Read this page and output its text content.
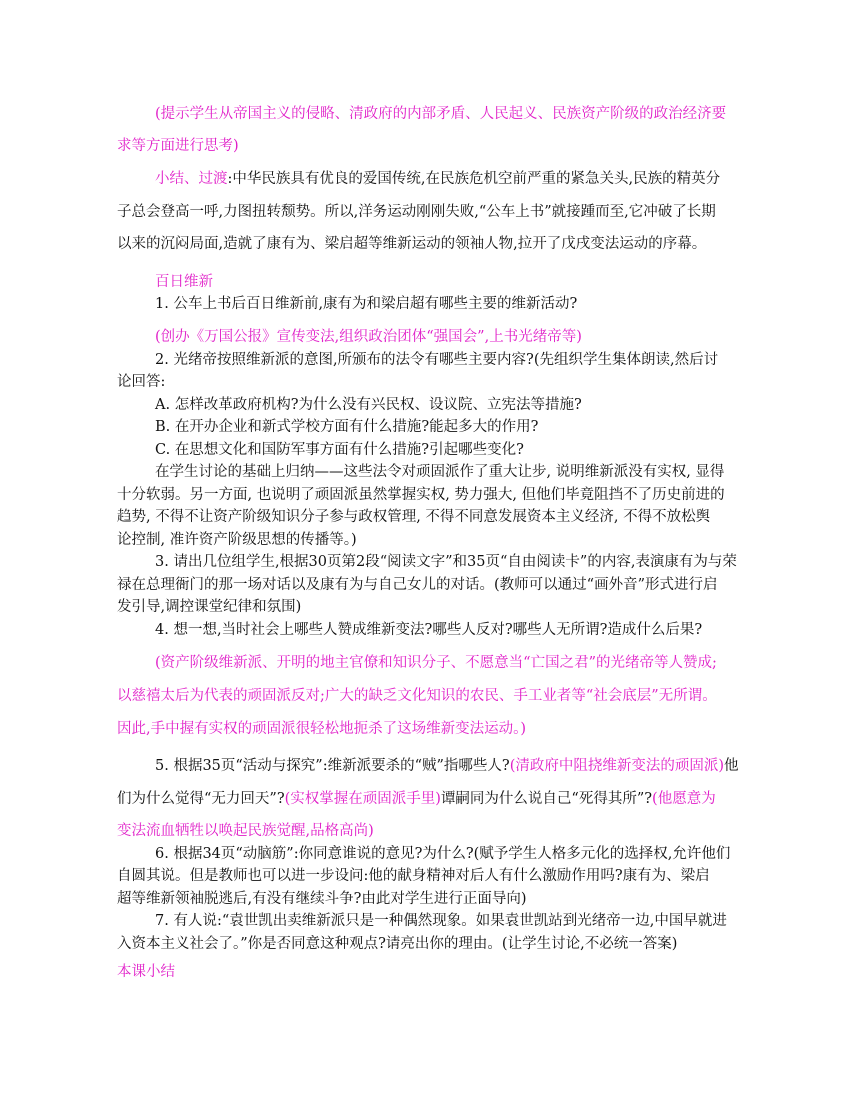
(提示学生从帝国主义的侵略、清政府的内部矛盾、人民起义、民族资产阶级的政治经济要
求等方面进行思考)
小结、过渡:中华民族具有优良的爱国传统,在民族危机空前严重的紧急关头,民族的精英分
子总会登高一呼,力图扭转颓势。所以,洋务运动刚刚失败,“公车上书”就接踵而至,它冲破了长期
以来的沉闷局面,造就了康有为、梁启超等维新运动的领袖人物,拉开了戊戌变法运动的序幕。
百日维新
1. 公车上书后百日维新前,康有为和梁启超有哪些主要的维新活动?
(创办《万国公报》宣传变法,组织政治团体“强国会”,上书光绪帝等)
2. 光绪帝按照维新派的意图,所颁布的法令有哪些主要内容?(先组织学生集体朗读,然后讨
论回答:
A. 怎样改革政府机构?为什么没有兴民权、设议院、立宪法等措施?
B. 在开办企业和新式学校方面有什么措施?能起多大的作用?
C. 在思想文化和国防军事方面有什么措施?引起哪些变化?
在学生讨论的基础上归纳——这些法令对顽固派作了重大让步, 说明维新派没有实权, 显得
十分软弱。另一方面, 也说明了顽固派虽然掌握实权, 势力强大, 但他们毕竟阻挡不了历史前进的
趋势, 不得不让资产阶级知识分子参与政权管理, 不得不同意发展资本主义经济, 不得不放松舆
论控制, 准许资产阶级思想的传播等。)
3. 请出几位组学生,根据30页第2段“阅读文字”和35页“自由阅读卡”的内容,表演康有为与荣
禄在总理衙门的那一场对话以及康有为与自己女儿的对话。(教师可以通过“画外音”形式进行启
发引导,调控课堂纪律和氛围)
4. 想一想,当时社会上哪些人赞成维新变法?哪些人反对?哪些人无所谓?造成什么后果?
(资产阶级维新派、开明的地主官僚和知识分子、不愿意当“亡国之君”的光绪帝等人赞成;
以慈禧太后为代表的顽固派反对;广大的缺乏文化知识的农民、手工业者等“社会底层”无所谓。
因此,手中握有实权的顽固派很轻松地扼杀了这场维新变法运动。)
5. 根据35页“活动与探究”:维新派要杀的“贼”指哪些人?(清政府中阻挠维新变法的顽固派)他
们为什么觉得“无力回天”?(实权掌握在顽固派手里)谭嗣同为什么说自己“死得其所”?(他愿意为
变法流血牺牲以唤起民族觉醒,品格高尚)
6. 根据34页“动脑筋”:你同意谁说的意见?为什么?(赋予学生人格多元化的选择权,允许他们
自圆其说。但是教师也可以进一步设问:他的献身精神对后人有什么激励作用吗?康有为、梁启
超等维新领袖脱逃后,有没有继续斗争?由此对学生进行正面导向)
7. 有人说:“袁世凯出卖维新派只是一种偶然现象。如果袁世凯站到光绪帝一边,中国早就进
入资本主义社会了。”你是否同意这种观点?请亮出你的理由。(让学生讨论,不必统一答案)
本课小结
